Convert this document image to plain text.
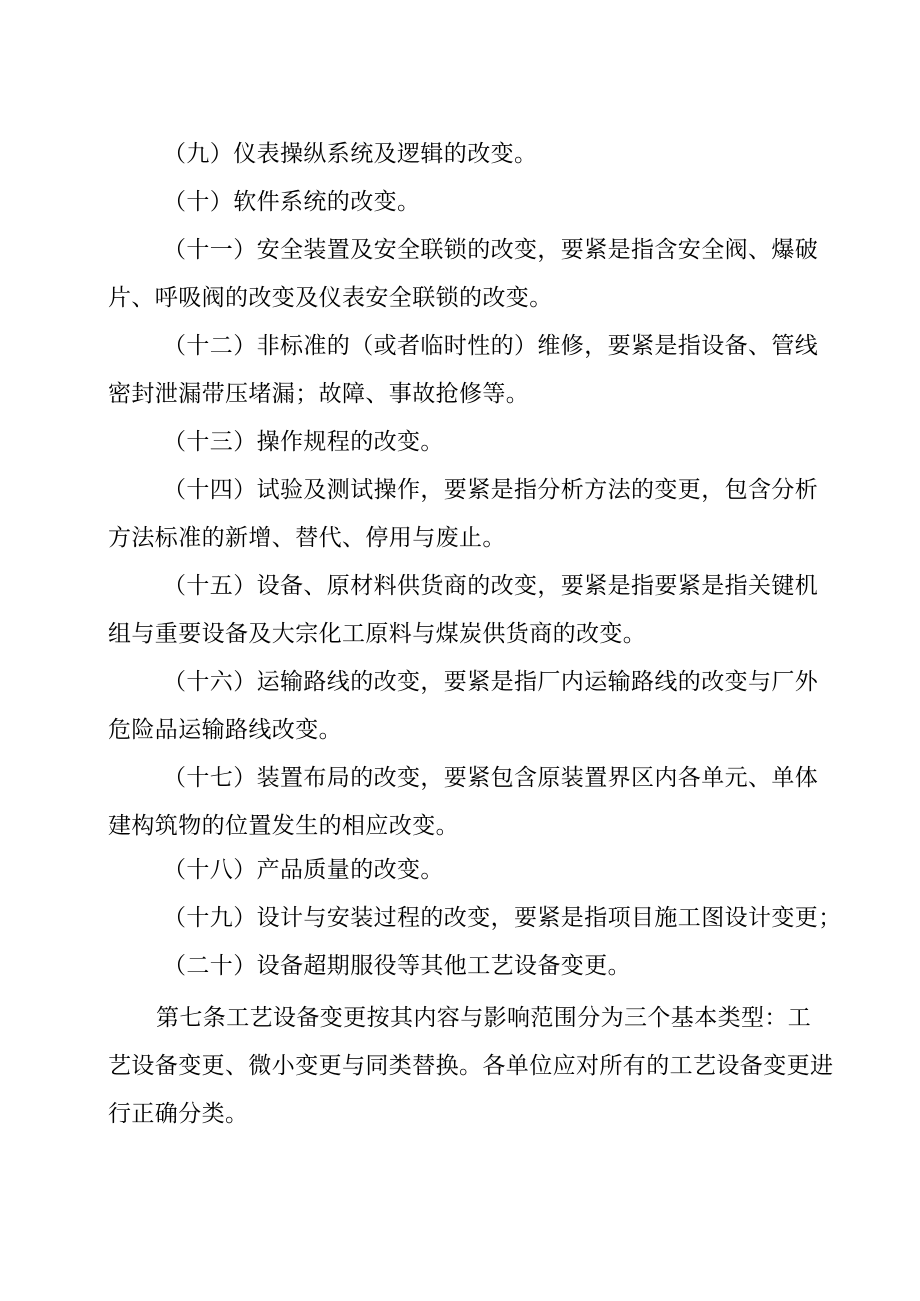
（九）仪表操纵系统及逻辑的改变。
（十）软件系统的改变。
（十一）安全装置及安全联锁的改变，要紧是指含安全阀、爆破
片、呼吸阀的改变及仪表安全联锁的改变。
（十二）非标准的（或者临时性的）维修，要紧是指设备、管线
密封泄漏带压堵漏；故障、事故抢修等。
（十三）操作规程的改变。
（十四）试验及测试操作，要紧是指分析方法的变更，包含分析
方法标准的新增、替代、停用与废止。
（十五）设备、原材料供货商的改变，要紧是指要紧是指关键机
组与重要设备及大宗化工原料与煤炭供货商的改变。
（十六）运输路线的改变，要紧是指厂内运输路线的改变与厂外
危险品运输路线改变。
（十七）装置布局的改变，要紧包含原装置界区内各单元、单体
建构筑物的位置发生的相应改变。
（十八）产品质量的改变。
（十九）设计与安装过程的改变，要紧是指项目施工图设计变更；
（二十）设备超期服役等其他工艺设备变更。
第七条工艺设备变更按其内容与影响范围分为三个基本类型：工
艺设备变更、微小变更与同类替换。各单位应对所有的工艺设备变更进
行正确分类。
